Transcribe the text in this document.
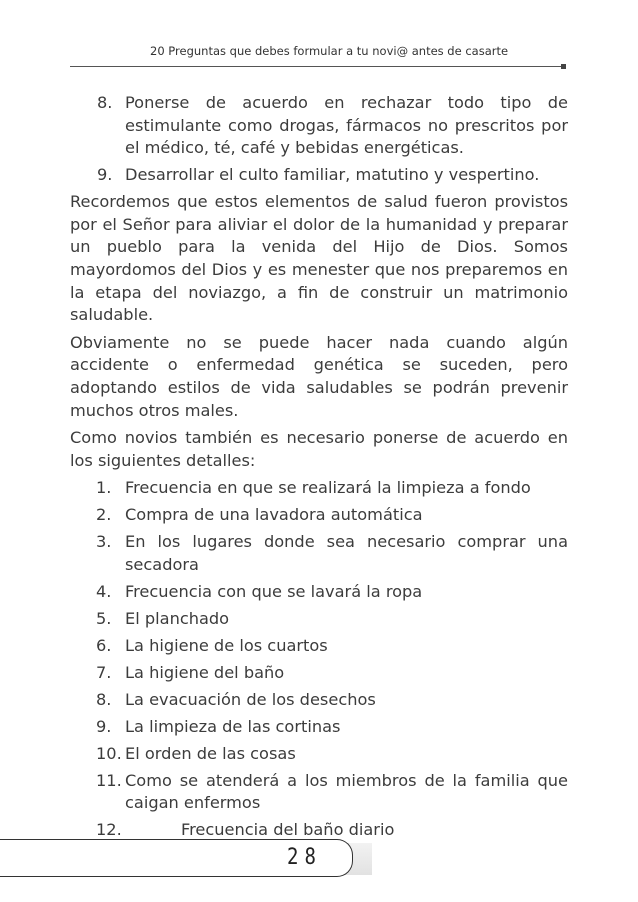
20 Preguntas que debes formular a tu novi@ antes de casarte
8. Ponerse de acuerdo en rechazar todo tipo de estimulante como drogas, fármacos no prescritos por el médico, té, café y bebidas energéticas.
9. Desarrollar el culto familiar, matutino y vespertino.

Recordemos que estos elementos de salud fueron provistos por el Señor para aliviar el dolor de la humanidad y preparar un pueblo para la venida del Hijo de Dios. Somos mayordomos del Dios y es menester que nos preparemos en la etapa del noviazgo, a fin de construir un matrimonio saludable.

Obviamente no se puede hacer nada cuando algún accidente o enfermedad genética se suceden, pero adoptando estilos de vida saludables se podrán prevenir muchos otros males.

Como novios también es necesario ponerse de acuerdo en los siguientes detalles:

1. Frecuencia en que se realizará la limpieza a fondo
2. Compra de una lavadora automática
3. En los lugares donde sea necesario comprar una secadora
4. Frecuencia con que se lavará la ropa
5. El planchado
6. La higiene de los cuartos
7. La higiene del baño
8. La evacuación de los desechos
9. La limpieza de las cortinas
10. El orden de las cosas
11. Como se atenderá a los miembros de la familia que caigan enfermos
12.	Frecuencia del baño diario
28
